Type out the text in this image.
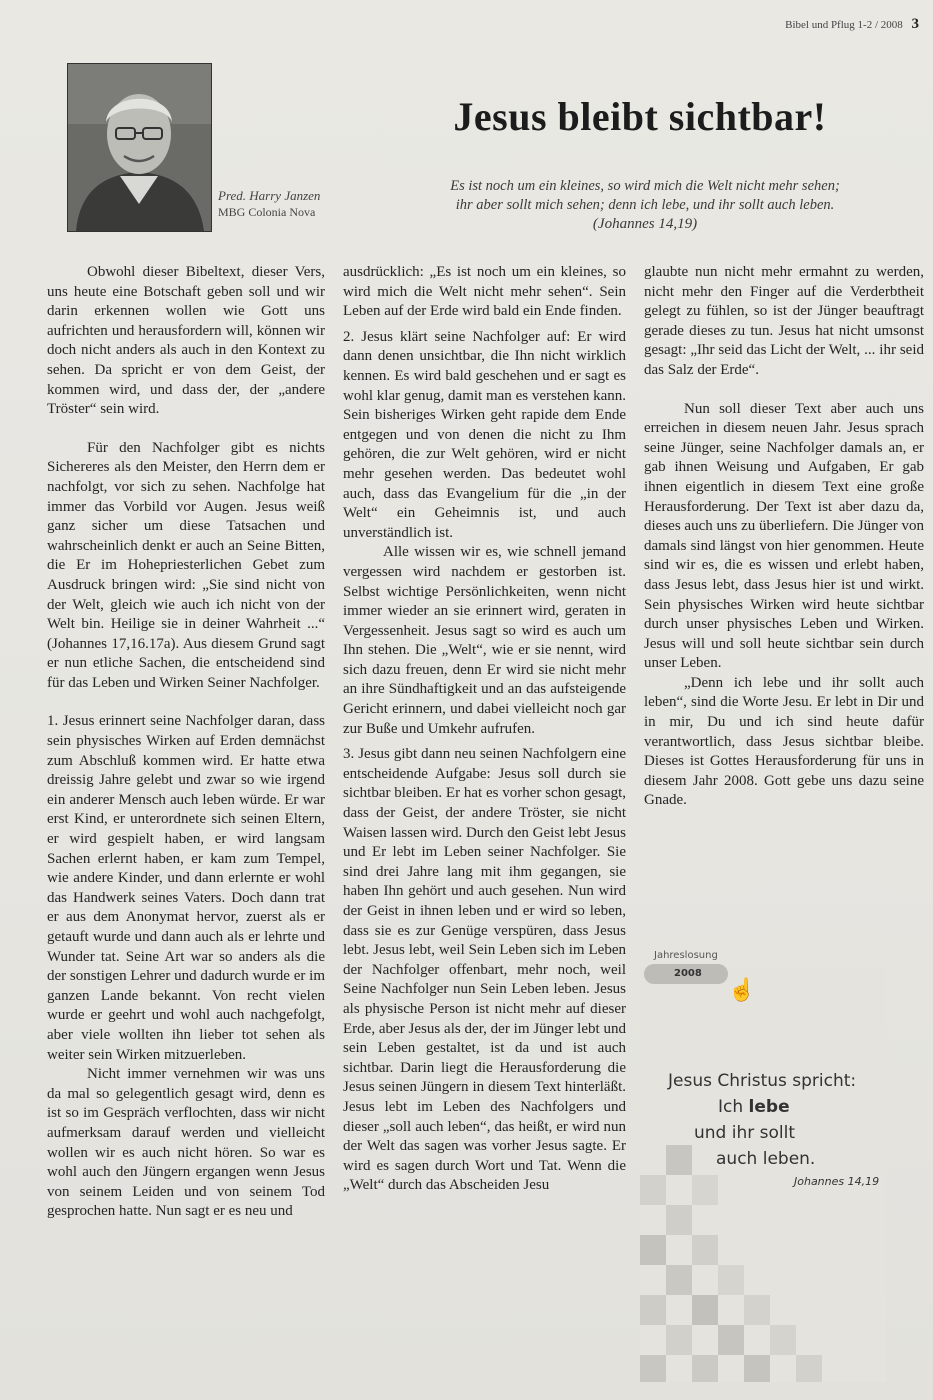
Bibel und Pflug 1-2 / 2008 3
Pred. Harry Janzen
MBG Colonia Nova
Jesus bleibt sichtbar!
Es ist noch um ein kleines, so wird mich die Welt nicht mehr sehen;
ihr aber sollt mich sehen; denn ich lebe, und ihr sollt auch leben.
(Johannes 14,19)

Obwohl dieser Bibeltext, dieser Vers, uns heute eine Botschaft geben soll und wir darin erkennen wollen wie Gott uns aufrichten und herausfordern will, können wir doch nicht anders als auch in den Kontext zu sehen. Da spricht er von dem Geist, der kommen wird, und dass der, der „andere Tröster“ sein wird.

Für den Nachfolger gibt es nichts Sichereres als den Meister, den Herrn dem er nachfolgt, vor sich zu sehen. Nachfolge hat immer das Vorbild vor Augen. Jesus weiß ganz sicher um diese Tatsachen und wahrscheinlich denkt er auch an Seine Bitten, die Er im Hohepriesterlichen Gebet zum Ausdruck bringen wird: „Sie sind nicht von der Welt, gleich wie auch ich nicht von der Welt bin. Heilige sie in deiner Wahrheit ...“ (Johannes 17,16.17a). Aus diesem Grund sagt er nun etliche Sachen, die entscheidend sind für das Leben und Wirken Seiner Nachfolger.

1. Jesus erinnert seine Nachfolger daran, dass sein physisches Wirken auf Erden demnächst zum Abschluß kommen wird. Er hatte etwa dreissig Jahre gelebt und zwar so wie irgend ein anderer Mensch auch leben würde. Er war erst Kind, er unterordnete sich seinen Eltern, er wird gespielt haben, er wird langsam Sachen erlernt haben, er kam zum Tempel, wie andere Kinder, und dann erlernte er wohl das Handwerk seines Vaters. Doch dann trat er aus dem Anonymat hervor, zuerst als er getauft wurde und dann auch als er lehrte und Wunder tat. Seine Art war so anders als die der sonstigen Lehrer und dadurch wurde er im ganzen Lande bekannt. Von recht vielen wurde er geehrt und wohl auch nachgefolgt, aber viele wollten ihn lieber tot sehen als weiter sein Wirken mitzuerleben.

Nicht immer vernehmen wir was uns da mal so gelegentlich gesagt wird, denn es ist so im Gespräch verflochten, dass wir nicht aufmerksam darauf werden und vielleicht wollen wir es auch nicht hören. So war es wohl auch den Jüngern ergangen wenn Jesus von seinem Leiden und von seinem Tod gesprochen hatte. Nun sagt er es neu und

ausdrücklich: „Es ist noch um ein kleines, so wird mich die Welt nicht mehr sehen“. Sein Leben auf der Erde wird bald ein Ende finden.

2. Jesus klärt seine Nachfolger auf: Er wird dann denen unsichtbar, die Ihn nicht wirklich kennen. Es wird bald geschehen und er sagt es wohl klar genug, damit man es verstehen kann. Sein bisheriges Wirken geht rapide dem Ende entgegen und von denen die nicht zu Ihm gehören, die zur Welt gehören, wird er nicht mehr gesehen werden. Das bedeutet wohl auch, dass das Evangelium für die „in der Welt“ ein Geheimnis ist, und auch unverständlich ist.

Alle wissen wir es, wie schnell jemand vergessen wird nachdem er gestorben ist. Selbst wichtige Persönlichkeiten, wenn nicht immer wieder an sie erinnert wird, geraten in Vergessenheit. Jesus sagt so wird es auch um Ihn stehen. Die „Welt“, wie er sie nennt, wird sich dazu freuen, denn Er wird sie nicht mehr an ihre Sündhaftigkeit und an das aufsteigende Gericht erinnern, und dabei vielleicht noch gar zur Buße und Umkehr aufrufen.

3. Jesus gibt dann neu seinen Nachfolgern eine entscheidende Aufgabe: Jesus soll durch sie sichtbar bleiben. Er hat es vorher schon gesagt, dass der Geist, der andere Tröster, sie nicht Waisen lassen wird. Durch den Geist lebt Jesus und Er lebt im Leben seiner Nachfolger. Sie sind drei Jahre lang mit ihm gegangen, sie haben Ihn gehört und auch gesehen. Nun wird der Geist in ihnen leben und er wird so leben, dass sie es zur Genüge verspüren, dass Jesus lebt. Jesus lebt, weil Sein Leben sich im Leben der Nachfolger offenbart, mehr noch, weil Seine Nachfolger nun Sein Leben leben. Jesus als physische Person ist nicht mehr auf dieser Erde, aber Jesus als der, der im Jünger lebt und sein Leben gestaltet, ist da und ist auch sichtbar. Darin liegt die Herausforderung die Jesus seinen Jüngern in diesem Text hinterläßt. Jesus lebt im Leben des Nachfolgers und dieser „soll auch leben“, das heißt, er wird nun der Welt das sagen was vorher Jesus sagte. Er wird es sagen durch Wort und Tat. Wenn die „Welt“ durch das Abscheiden Jesu

glaubte nun nicht mehr ermahnt zu werden, nicht mehr den Finger auf die Verderbtheit gelegt zu fühlen, so ist der Jünger beauftragt gerade dieses zu tun. Jesus hat nicht umsonst gesagt: „Ihr seid das Licht der Welt, ... ihr seid das Salz der Erde“.

Nun soll dieser Text aber auch uns erreichen in diesem neuen Jahr. Jesus sprach seine Jünger, seine Nachfolger damals an, er gab ihnen Weisung und Aufgaben, Er gab ihnen eigentlich in diesem Text eine große Herausforderung. Der Text ist aber dazu da, dieses auch uns zu überliefern. Die Jünger von damals sind längst von hier genommen. Heute sind wir es, die es wissen und erlebt haben, dass Jesus lebt, dass Jesus hier ist und wirkt. Sein physisches Wirken wird heute sichtbar durch unser physisches Leben und Wirken. Jesus will und soll heute sichtbar sein durch unser Leben.

„Denn ich lebe und ihr sollt auch leben“, sind die Worte Jesu. Er lebt in Dir und in mir, Du und ich sind heute dafür verantwortlich, dass Jesus sichtbar bleibe. Dieses ist Gottes Herausforderung für uns in diesem Jahr 2008. Gott gebe uns dazu seine Gnade.

Jahreslosung
2008
☝
Jesus Christus spricht:
Ich lebe
und ihr sollt
auch leben.
Johannes 14,19
